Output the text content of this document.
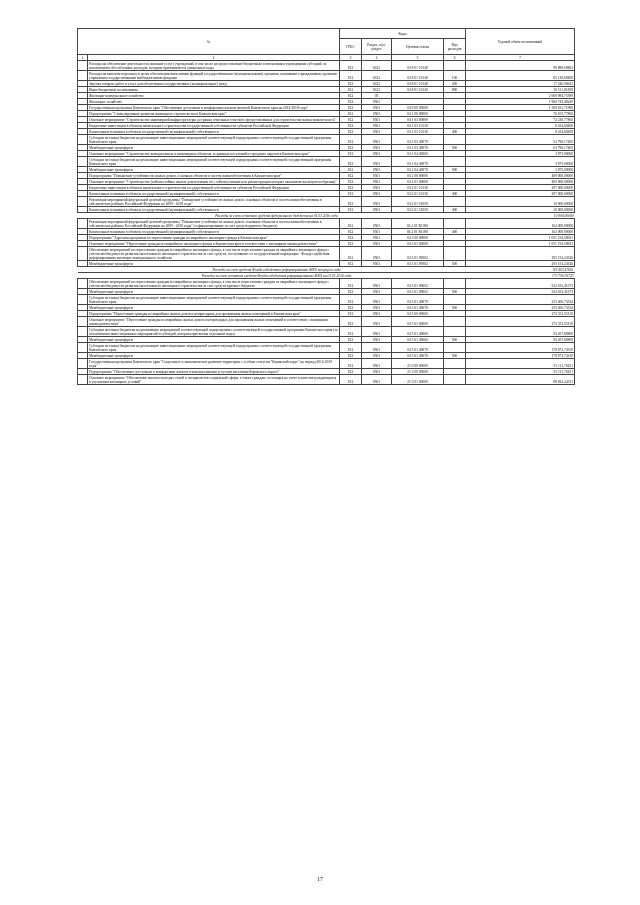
№		Коды				Годовой объем ассигнований
		ГРБС	Раздел, под-раздел	Целевая статья	Вид расходов	
1	2	3	4	5	6	7
	Расходы на обеспечение деятельности (оказание услуг) учреждений, в том числе на предоставление бюджетным и автономным учреждениям субсидий, за исключением обособленных расходов, которым присваиваются уникальные коды	812	0412	04 8 01 10140		98 888,60861
	Расходы на выплаты персоналу в целях обеспечения выполнения функций государственными (муниципальными) органами, казенными учреждениями, органами управления государственными внебюджетными фондами	812	0412	04 8 01 10140	100	65 130,68400
	Закупка товаров, работ и услуг для обеспечения государственных (муниципальных) нужд	812	0412	04 8 01 10140	200	17 246,90622
	Иные бюджетные ассигнования	812	0412	04 8 01 10140	800	16 511,01839
	Жилищно-коммунальное хозяйство	812	05			2 669 984,75399
	Жилищное хозяйство	812	0501			1 960 743,48249
	Государственная программа Камчатского края "Обеспечение доступным и комфортным жильем жителей Камчатского края на 2014-2018 годы"	812	0501	04 0 00 00000		1 569 631,71998
	Подпрограмма "Стимулирование развития жилищного строительства в Камчатском крае"	812	0501	04 1 00 00000		76 105,77865
	Основное мероприятие "Строительство инженерной инфраструктуры до границ земельных участков, предоставленных для строительства жилья эконом-класса"	812	0501	04 1 03 00000		72 230,77865
	Бюджетные инвестиции в объекты капитального строительства государственной собственности субъектов Российской Федерации	812	0501	04 1 03 10130		8 434,60400
	Капитальные вложения в объекты государственной (муниципальной) собственности	812	0501	04 1 03 10130	400	8 434,60400
	Субсидии местным бюджетам на реализацию инвестиционных мероприятий соответствующей подпрограммы соответствующей государственной программы Камчатского края	812	0501	04 1 03 40070		63 796,17465
	Межбюджетные трансферты	812	0501	04 1 03 40070	500	63 796,17465
	Основное мероприятие "Строительство коммунальных и инженерных объектов, в границах поселений и городских округов в Камчатском крае"	812	0501	04 1 04 00000		3 875,00000
	Субсидии местным бюджетам на реализацию инвестиционных мероприятий соответствующей подпрограммы соответствующей государственной программы Камчатского края	812	0501	04 1 04 40070		3 875,00000
	Межбюджетные трансферты	812	0501	04 1 04 40070	500	3 875,00000
	Подпрограмма "Повышение устойчивости жилых домов, основных объектов и систем жизнеобеспечения в Камчатском крае"	812	0501	04 2 00 00000		469 000,00000
	Основное мероприятие "Строительство (сейсмостойких жилых домов взамен тех, сейсмоусиление или реконструкция которых экономически нецелесообразны)"	812	0501	04 2 01 00000		469 000,00000
	Бюджетные инвестиции в объекты капитального строительства государственной собственности субъектов Российской Федерации	812	0501	04 2 01 10130		297 000,00000
	Капитальные вложения в объекты государственной (муниципальной) собственности	812	0501	04 2 01 10130	400	297 000,00000
	Реализация мероприятий федеральной целевой программы "Повышение устойчивости жилых домов, основных объектов и систем жизнеобеспечения в сейсмических районах Российской Федерации на 2009 - 2018 годы"	812	0501	04 2 01 51050		10 000,00000
	Капитальные вложения в объекты государственной (муниципальной) собственности	812	0501	04 2 01 51050	400	10 000,00000
	Расходы за счет остатков средств федерального бюджета на 01.01.2016 года					10 000,00000
	Реализация мероприятий федеральной целевой программы "Повышение устойчивости жилых домов, основных объектов и систем жизнеобеспечения в сейсмических районах Российской Федерации на 2009 - 2018 годы" (софинансирование за счет средств краевого бюджета)	812	0501	04 2 01 R1050		162 000,00000
	Капитальные вложения в объекты государственной (муниципальной) собственности	812	0501	04 2 01 R1050	400	162 000,00000
	Подпрограмма "Адресная программа по переселению граждан из аварийного жилищного фонда в Камчатском крае"	812	0501	04 3 00 00000		1 051 194,58923
	Основное мероприятие "Переселение граждан из аварийного жилищного фонда в Камчатском крае в соответствии с жилищным законодательством"	812	0501	04 3 01 00000		1 051 194,58923
	Обеспечение мероприятий по переселению граждан из аварийного жилищного фонда, в том числе переселению граждан из аварийного жилищного фонда с учетом необходимости развития малоэтажного жилищного строительства за счет средств, поступивших от государственной корпорации - Фонда содействия реформированию жилищно-коммунального хозяйства	812	0501	04 3 01 09502		293 154,24326
	Межбюджетные трансферты	812	0501	04 3 01 09502	500	293 154,24326
	Расходы за счет средств Фонда содействия реформированию ЖКХ текущего года					119 403,47601
	Расходы за счет остатков средств Фонда содействия реформированию ЖКХ на 01.01.2016 года					173 750,76725
	Обеспечение мероприятий по переселению граждан из аварийного жилищного фонда, в том числе переселению граждан из аварийного жилищного фонда с учетом необходимости развития малоэтажного жилищного строительства за счет средств краевого бюджета	812	0501	04 3 01 09602		522 633,41073
	Межбюджетные трансферты	812	0501	04 3 01 09602	500	522 633,41073
	Субсидии местным бюджетам на реализацию инвестиционных мероприятий соответствующей подпрограммы соответствующей государственной программы Камчатского края	812	0501	04 3 01 40070		235 406,73524
	Межбюджетные трансферты	812	0501	04 3 01 40070	500	235 406,73524
	Подпрограмма "Переселение граждан из аварийных жилых домов и непригодных для проживания жилых помещений в Камчатском крае"	812	0501	04 5 00 00000		273 331,55110
	Основное мероприятие "Переселение граждан из аварийных жилых домов и непригодных для проживания жилых помещений в соответствии с жилищным законодательством"	812	0501	04 5 01 00000		273 331,55110
	Субсидии местным бюджетам на реализацию мероприятий соответствующей подпрограммы соответствующей государственной программы Камчатского края (за исключением инвестиционных мероприятий и субсидий, которым присвоены отдельные коды)	812	0501	04 5 01 40060		94 457,80800
	Межбюджетные трансферты	812	0501	04 5 01 40060	500	94 457,80800
	Субсидии местным бюджетам на реализацию инвестиционных мероприятий соответствующей подпрограммы соответствующей государственной программы Камчатского края	812	0501	04 5 01 40070		178 873,74310
	Межбюджетные трансферты	812	0501	04 5 01 40070	500	178 873,74310
	Государственная программа Камчатского края "Социальное и экономическое развитие территории с особым статусом "Корякский округ" на период 2014-2018 годы"	812	0501	21 0 00 00000		91 111,76251
	Подпрограмма "Обеспечение доступным и комфортным жильем и коммунальными услугами населения Корякского округа"	812	0501	21 3 00 00000		91 111,76251
	Основное мероприятие "Обеспечение жильем молодых семей и специалистов социальной сферы, а также граждан, состоящих на учете в качестве нуждающихся в улучшении жилищных условий"	812	0501	21 3 01 00000		88 824,24351
17
